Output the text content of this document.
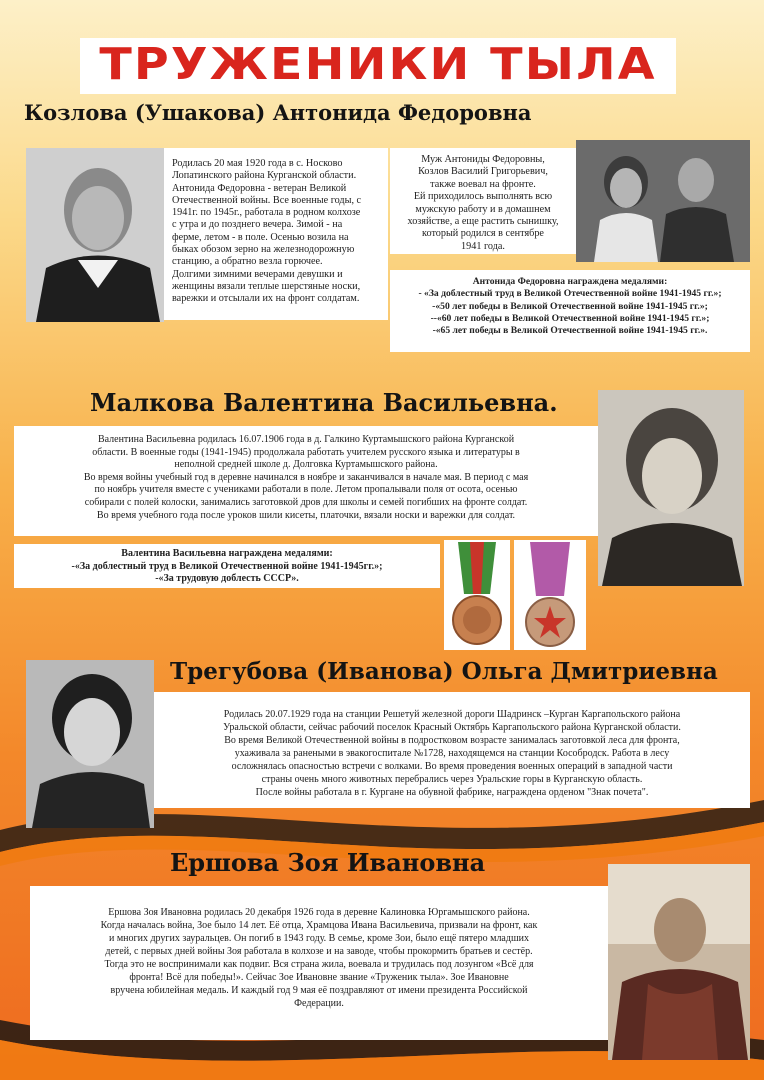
ТРУЖЕНИКИ ТЫЛА
Козлова (Ушакова) Антонида Федоровна
Родилась 20 мая 1920 года в с. Носково
Лопатинского района Курганской области.
Антонида Федоровна - ветеран Великой
Отечественной войны. Все военные годы, с
1941г. по 1945г., работала в родном колхозе
с утра и до позднего вечера. Зимой - на
ферме, летом - в поле. Осенью возила на
быках обозом зерно на железнодорожную
станцию, а обратно везла горючее.
Долгими зимними вечерами девушки и
женщины вязали теплые шерстяные носки,
варежки и отсылали их на фронт солдатам.
Муж Антониды Федоровны,
Козлов Василий Григорьевич,
также воевал на фронте.
Ей приходилось выполнять всю
мужскую работу и в домашнем
хозяйстве, а еще растить сынишку,
который родился в сентябре
1941 года.
Антонида Федоровна награждена медалями:
- «За доблестный труд в Великой Отечественной войне 1941-1945 гг.»;
-«50 лет победы в Великой Отечественной войне 1941-1945 гг.»;
--«60 лет победы в Великой Отечественной войне 1941-1945 гг.»;
-«65 лет победы в Великой Отечественной войне 1941-1945 гг.».
Малкова Валентина Васильевна.
Валентина Васильевна родилась 16.07.1906 года в д. Галкино Куртамышского района Курганской
области. В военные годы (1941-1945) продолжала работать учителем русского языка и литературы в
неполной средней школе д. Долговка Куртамышского района.
Во время войны учебный год в деревне начинался в ноябре и заканчивался в начале мая. В период с мая
по ноябрь учителя вместе с учениками работали в поле. Летом пропалывали поля от осота, осенью
собирали с полей колоски, занимались заготовкой дров для школы и семей погибших на фронте солдат.
Во время учебного года после уроков шили кисеты, платочки, вязали носки и варежки для солдат.
Валентина Васильевна награждена медалями:
-«За доблестный труд в Великой Отечественной войне 1941-1945гг.»;
-«За трудовую доблесть СССР».
Трегубова (Иванова) Ольга Дмитриевна
Родилась 20.07.1929 года на станции Решетуй железной дороги Шадринск –Курган Каргапольского района
Уральской области, сейчас рабочий поселок Красный Октябрь Каргапольского района Курганской области.
Во время Великой Отечественной войны в подростковом возрасте занималась заготовкой леса для фронта,
ухаживала за ранеными в эвакогоспитале №1728, находящемся на станции Кособродск. Работа в лесу
осложнялась опасностью встречи с волками. Во время проведения военных операций в западной части
страны очень много животных перебрались через Уральские горы в Курганскую область.
После войны работала в г. Кургане на обувной фабрике, награждена орденом "Знак почета".
Ершова Зоя Ивановна
Ершова Зоя Ивановна родилась 20 декабря 1926 года в деревне Калиновка Юргамышского района.
Когда началась война, Зое было 14 лет. Её отца, Храмцова Ивана Васильевича, призвали на фронт, как
и многих других зауральцев. Он погиб в 1943 году. В семье, кроме Зои, было ещё пятеро младших
детей, с первых дней войны Зоя работала в колхозе и на заводе, чтобы прокормить братьев и сестёр.
Тогда это не воспринимали как подвиг. Вся страна жила, воевала и трудилась под лозунгом «Всё для
фронта! Всё для победы!». Сейчас Зое Ивановне звание «Труженик тыла». Зое Ивановне
вручена юбилейная медаль. И каждый год 9 мая её поздравляют от имени президента Российской
Федерации.
